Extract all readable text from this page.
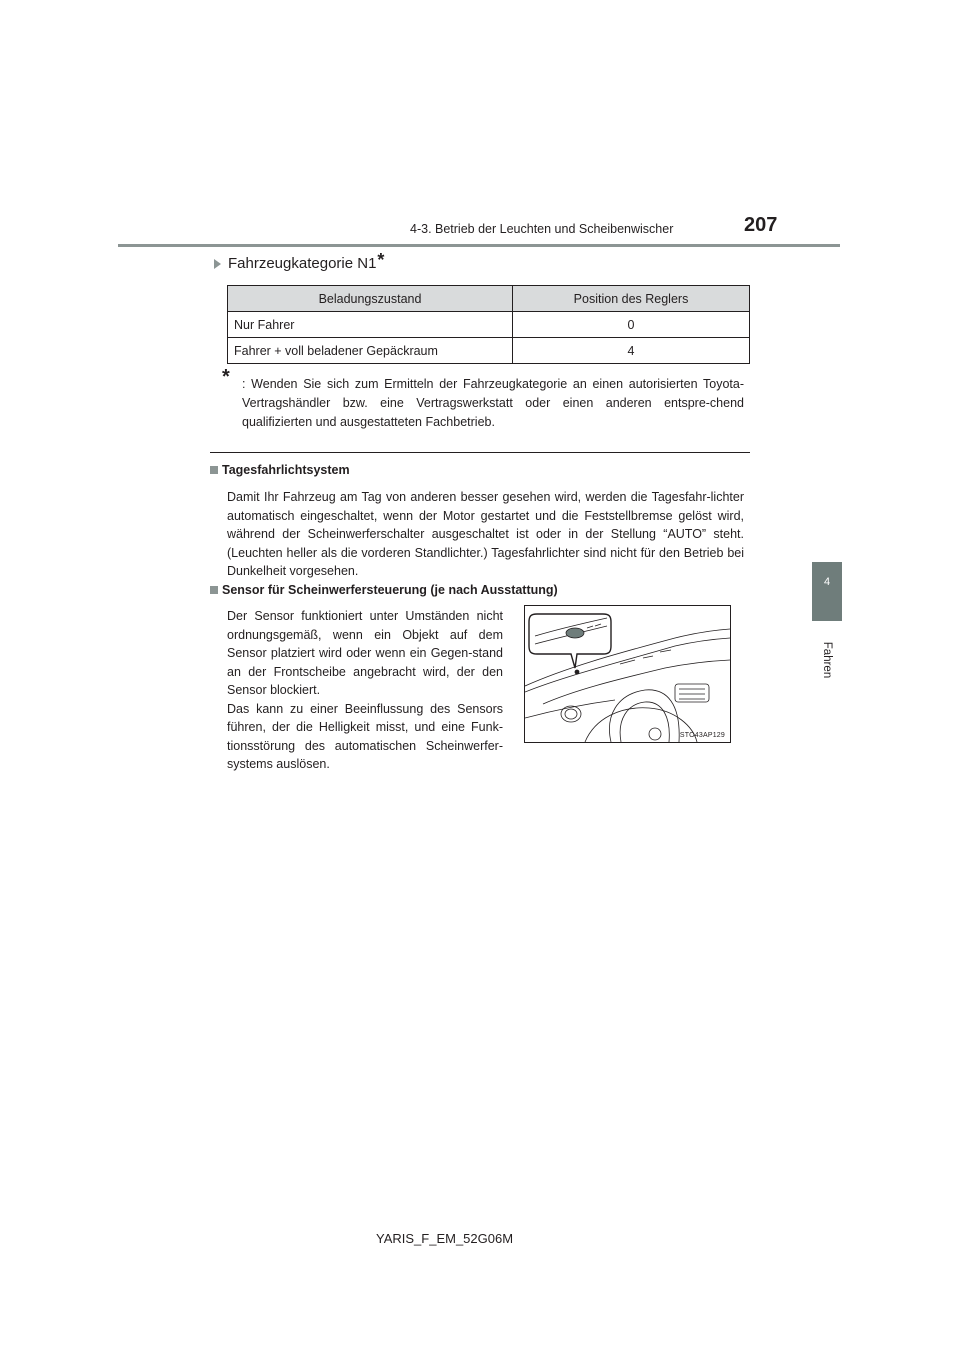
4-3. Betrieb der Leuchten und Scheibenwischer	207
4
Fahren
Fahrzeugkategorie N1 *
Beladungszustand	Position des Reglers
Nur Fahrer	0
Fahrer + voll beladener Gepäckraum	4
* : Wenden Sie sich zum Ermitteln der Fahrzeugkategorie an einen autorisierten Toyota-Vertragshändler bzw. eine Vertragswerkstatt oder einen anderen entspre-chend qualifizierten und ausgestatteten Fachbetrieb.
Tagesfahrlichtsystem
Damit Ihr Fahrzeug am Tag von anderen besser gesehen wird, werden die Tagesfahr-lichter automatisch eingeschaltet, wenn der Motor gestartet und die Feststellbremse gelöst wird, während der Scheinwerferschalter ausgeschaltet ist oder in der Stellung “AUTO” steht. (Leuchten heller als die vorderen Standlichter.) Tagesfahrlichter sind nicht für den Betrieb bei Dunkelheit vorgesehen.
Sensor für Scheinwerfersteuerung (je nach Ausstattung)
Der Sensor funktioniert unter Umständen nicht ordnungsgemäß, wenn ein Objekt auf dem Sensor platziert wird oder wenn ein Gegen-stand an der Frontscheibe angebracht wird, der den Sensor blockiert.
Das kann zu einer Beeinflussung des Sensors führen, der die Helligkeit misst, und eine Funk-tionsstörung des automatischen Scheinwerfer-systems auslösen.
STO43AP129
YARIS_F_EM_52G06M
